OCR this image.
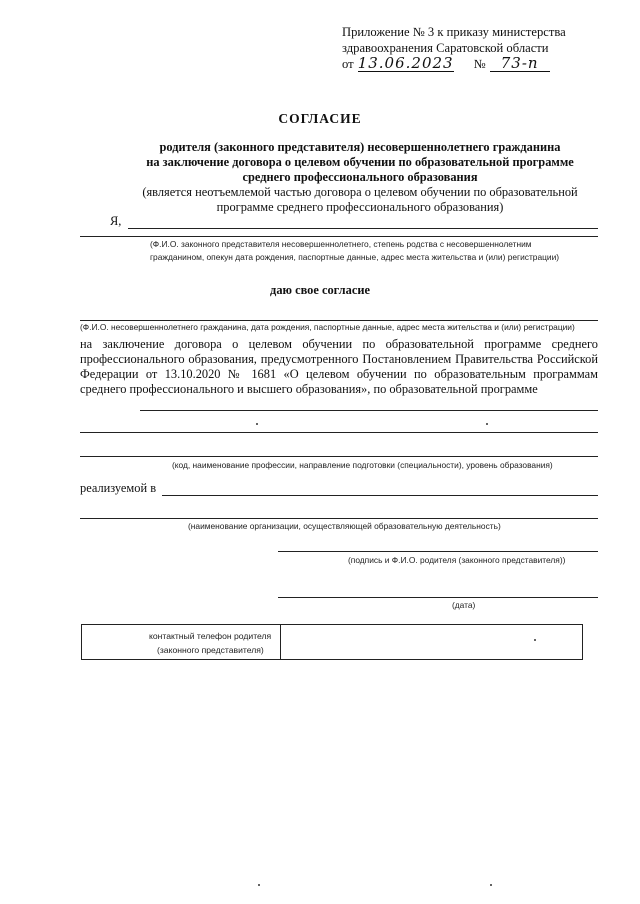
Приложение № 3 к приказу министерства
здравоохранения Саратовской области
от 13.06.2023 №	73-п
СОГЛАСИЕ
родителя (законного представителя) несовершеннолетнего гражданина
на заключение договора о целевом обучении по образовательной программе
среднего профессионального образования
(является неотъемлемой частью договора о целевом обучении по образовательной
программе среднего профессионального образования)
Я,
(Ф.И.О. законного представителя несовершеннолетнего, степень родства с несовершеннолетним
гражданином, опекун дата рождения, паспортные данные, адрес места жительства и (или) регистрации)
даю свое согласие
(Ф.И.О. несовершеннолетнего гражданина, дата рождения, паспортные данные, адрес места жительства и (или) регистрации)
на заключение договора о целевом обучении по образовательной программе среднего профессионального образования, предусмотренного Постановлением Правительства Российской Федерации от 13.10.2020 № 1681 «О целевом обучении по образовательным программам среднего профессионального и высшего образования», по образовательной программе
(код, наименование профессии, направление подготовки (специальности), уровень образования)
реализуемой в
(наименование организации, осуществляющей образовательную деятельность)
(подпись и Ф.И.О. родителя (законного представителя))
(дата)
контактный телефон родителя
(законного представителя)
